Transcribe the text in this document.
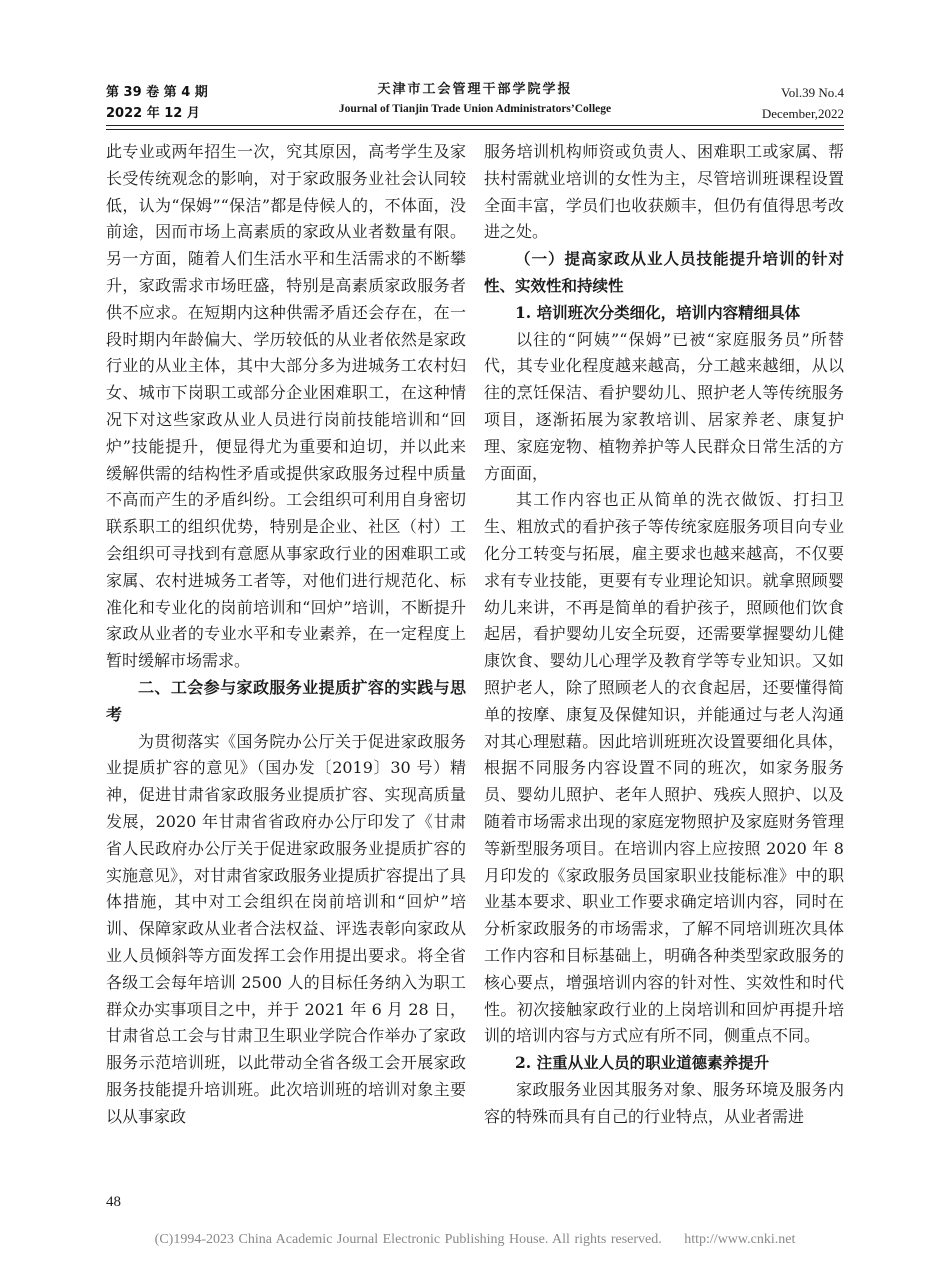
第 39 卷 第 4 期
2022 年 12 月
天津市工会管理干部学院学报
Journal of Tianjin Trade Union Administrators’College
Vol.39 No.4
December,2022

此专业或两年招生一次，究其原因，高考学生及家长受传统观念的影响，对于家政服务业社会认同较低，认为“保姆”“保洁”都是侍候人的，不体面，没前途，因而市场上高素质的家政从业者数量有限。另一方面，随着人们生活水平和生活需求的不断攀升，家政需求市场旺盛，特别是高素质家政服务者供不应求。在短期内这种供需矛盾还会存在，在一段时期内年龄偏大、学历较低的从业者依然是家政行业的从业主体，其中大部分多为进城务工农村妇女、城市下岗职工或部分企业困难职工，在这种情况下对这些家政从业人员进行岗前技能培训和“回炉”技能提升，便显得尤为重要和迫切，并以此来缓解供需的结构性矛盾或提供家政服务过程中质量不高而产生的矛盾纠纷。工会组织可利用自身密切联系职工的组织优势，特别是企业、社区（村）工会组织可寻找到有意愿从事家政行业的困难职工或家属、农村进城务工者等，对他们进行规范化、标准化和专业化的岗前培训和“回炉”培训，不断提升家政从业者的专业水平和专业素养，在一定程度上暂时缓解市场需求。

二、工会参与家政服务业提质扩容的实践与思考

为贯彻落实《国务院办公厅关于促进家政服务业提质扩容的意见》（国办发〔2019〕30 号）精神，促进甘肃省家政服务业提质扩容、实现高质量发展，2020 年甘肃省省政府办公厅印发了《甘肃省人民政府办公厅关于促进家政服务业提质扩容的实施意见》，对甘肃省家政服务业提质扩容提出了具体措施，其中对工会组织在岗前培训和“回炉”培训、保障家政从业者合法权益、评选表彰向家政从业人员倾斜等方面发挥工会作用提出要求。将全省各级工会每年培训 2500 人的目标任务纳入为职工群众办实事项目之中，并于 2021 年 6 月 28 日，甘肃省总工会与甘肃卫生职业学院合作举办了家政服务示范培训班，以此带动全省各级工会开展家政服务技能提升培训班。此次培训班的培训对象主要以从事家政

服务培训机构师资或负责人、困难职工或家属、帮扶村需就业培训的女性为主，尽管培训班课程设置全面丰富，学员们也收获颇丰，但仍有值得思考改进之处。

（一）提高家政从业人员技能提升培训的针对性、实效性和持续性
1. 培训班次分类细化，培训内容精细具体

以往的“阿姨”“保姆”已被“家庭服务员”所替代，其专业化程度越来越高，分工越来越细，从以往的烹饪保洁、看护婴幼儿、照护老人等传统服务项目，逐渐拓展为家教培训、居家养老、康复护理、家庭宠物、植物养护等人民群众日常生活的方方面面，

其工作内容也正从简单的洗衣做饭、打扫卫生、粗放式的看护孩子等传统家庭服务项目向专业化分工转变与拓展，雇主要求也越来越高，不仅要求有专业技能，更要有专业理论知识。就拿照顾婴幼儿来讲，不再是简单的看护孩子，照顾他们饮食起居，看护婴幼儿安全玩耍，还需要掌握婴幼儿健康饮食、婴幼儿心理学及教育学等专业知识。又如照护老人，除了照顾老人的衣食起居，还要懂得简单的按摩、康复及保健知识，并能通过与老人沟通对其心理慰藉。因此培训班班次设置要细化具体，根据不同服务内容设置不同的班次，如家务服务员、婴幼儿照护、老年人照护、残疾人照护、以及随着市场需求出现的家庭宠物照护及家庭财务管理等新型服务项目。在培训内容上应按照 2020 年 8 月印发的《家政服务员国家职业技能标准》中的职业基本要求、职业工作要求确定培训内容，同时在分析家政服务的市场需求，了解不同培训班次具体工作内容和目标基础上，明确各种类型家政服务的核心要点，增强培训内容的针对性、实效性和时代性。初次接触家政行业的上岗培训和回炉再提升培训的培训内容与方式应有所不同，侧重点不同。

2. 注重从业人员的职业道德素养提升

家政服务业因其服务对象、服务环境及服务内容的特殊而具有自己的行业特点，从业者需进

48
(C)1994-2023 China Academic Journal Electronic Publishing House. All rights reserved. http://www.cnki.net
